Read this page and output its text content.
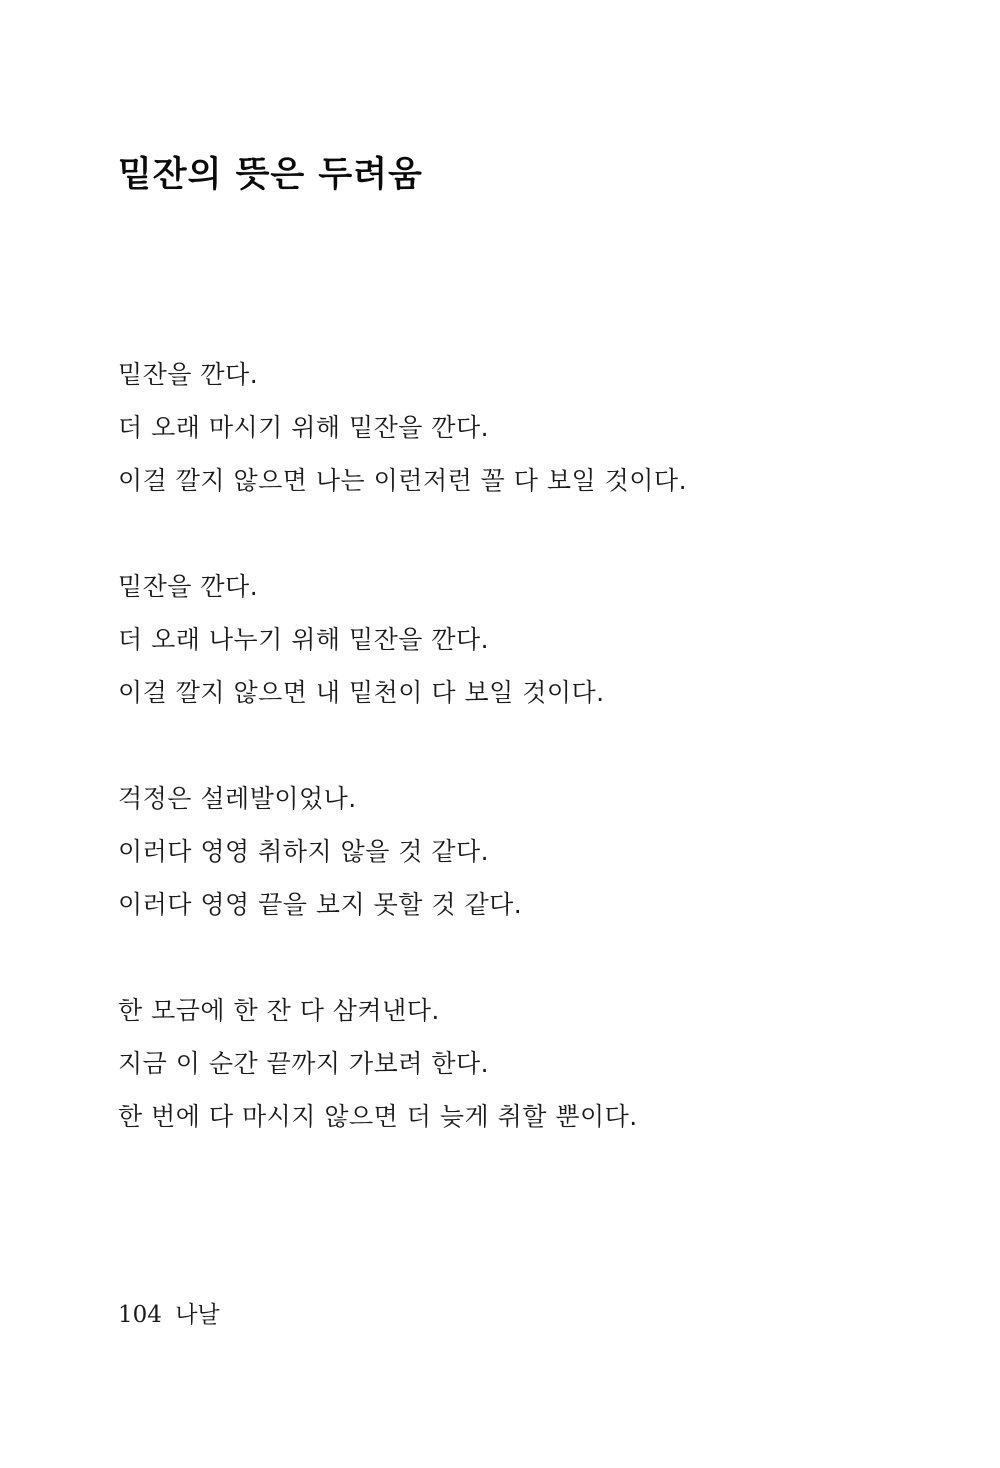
밑잔의 뜻은 두려움
밑잔을 깐다.
더 오래 마시기 위해 밑잔을 깐다.
이걸 깔지 않으면 나는 이런저런 꼴 다 보일 것이다.
밑잔을 깐다.
더 오래 나누기 위해 밑잔을 깐다.
이걸 깔지 않으면 내 밑천이 다 보일 것이다.
걱정은 설레발이었나.
이러다 영영 취하지 않을 것 같다.
이러다 영영 끝을 보지 못할 것 같다.
한 모금에 한 잔 다 삼켜낸다.
지금 이 순간 끝까지 가보려 한다.
한 번에 다 마시지 않으면 더 늦게 취할 뿐이다.
104 나날
